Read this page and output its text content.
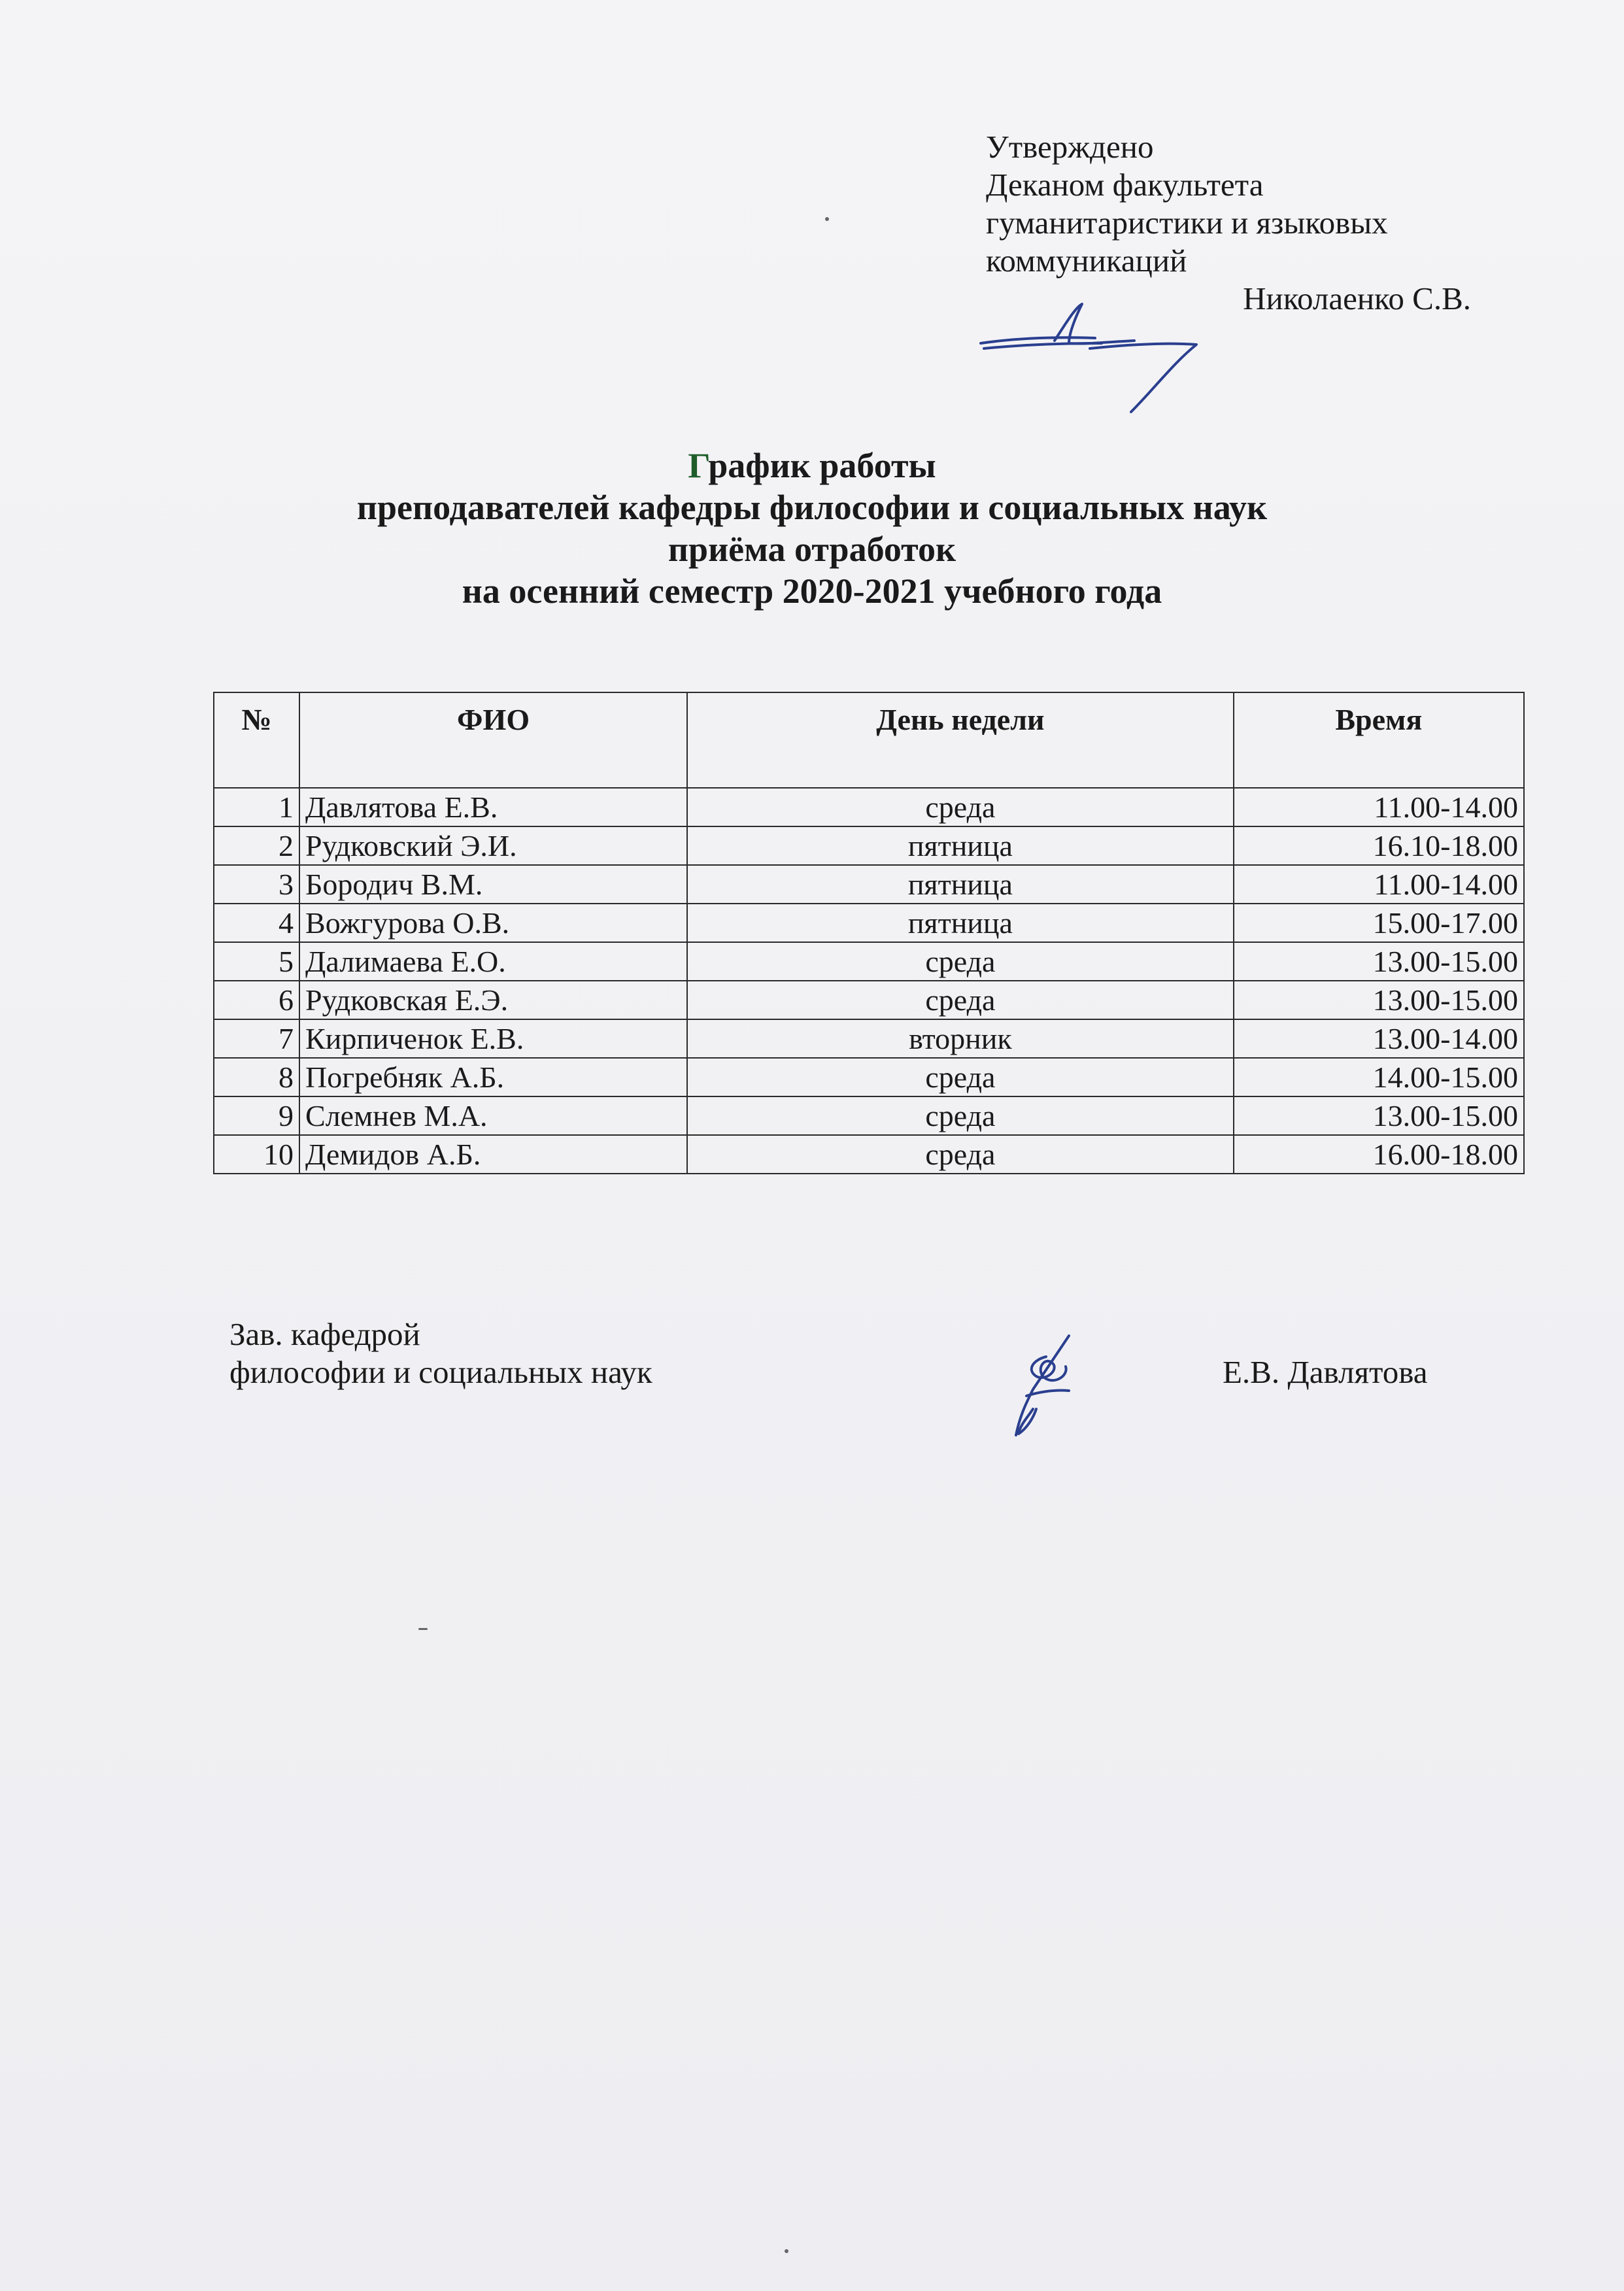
Утверждено
Деканом факультета
гуманитаристики и языковых
коммуникаций
Николаенко С.В.
График работы
преподавателей кафедры философии и социальных наук
приёма отработок
на осенний семестр 2020-2021 учебного года
№	ФИО	День недели	Время
1	Давлятова Е.В.	среда	11.00-14.00
2	Рудковский Э.И.	пятница	16.10-18.00
3	Бородич В.М.	пятница	11.00-14.00
4	Вожгурова О.В.	пятница	15.00-17.00
5	Далимаева Е.О.	среда	13.00-15.00
6	Рудковская Е.Э.	среда	13.00-15.00
7	Кирпиченок Е.В.	вторник	13.00-14.00
8	Погребняк А.Б.	среда	14.00-15.00
9	Слемнев М.А.	среда	13.00-15.00
10	Демидов А.Б.	среда	16.00-18.00
Зав. кафедрой
философии и социальных наук	Е.В. Давлятова
